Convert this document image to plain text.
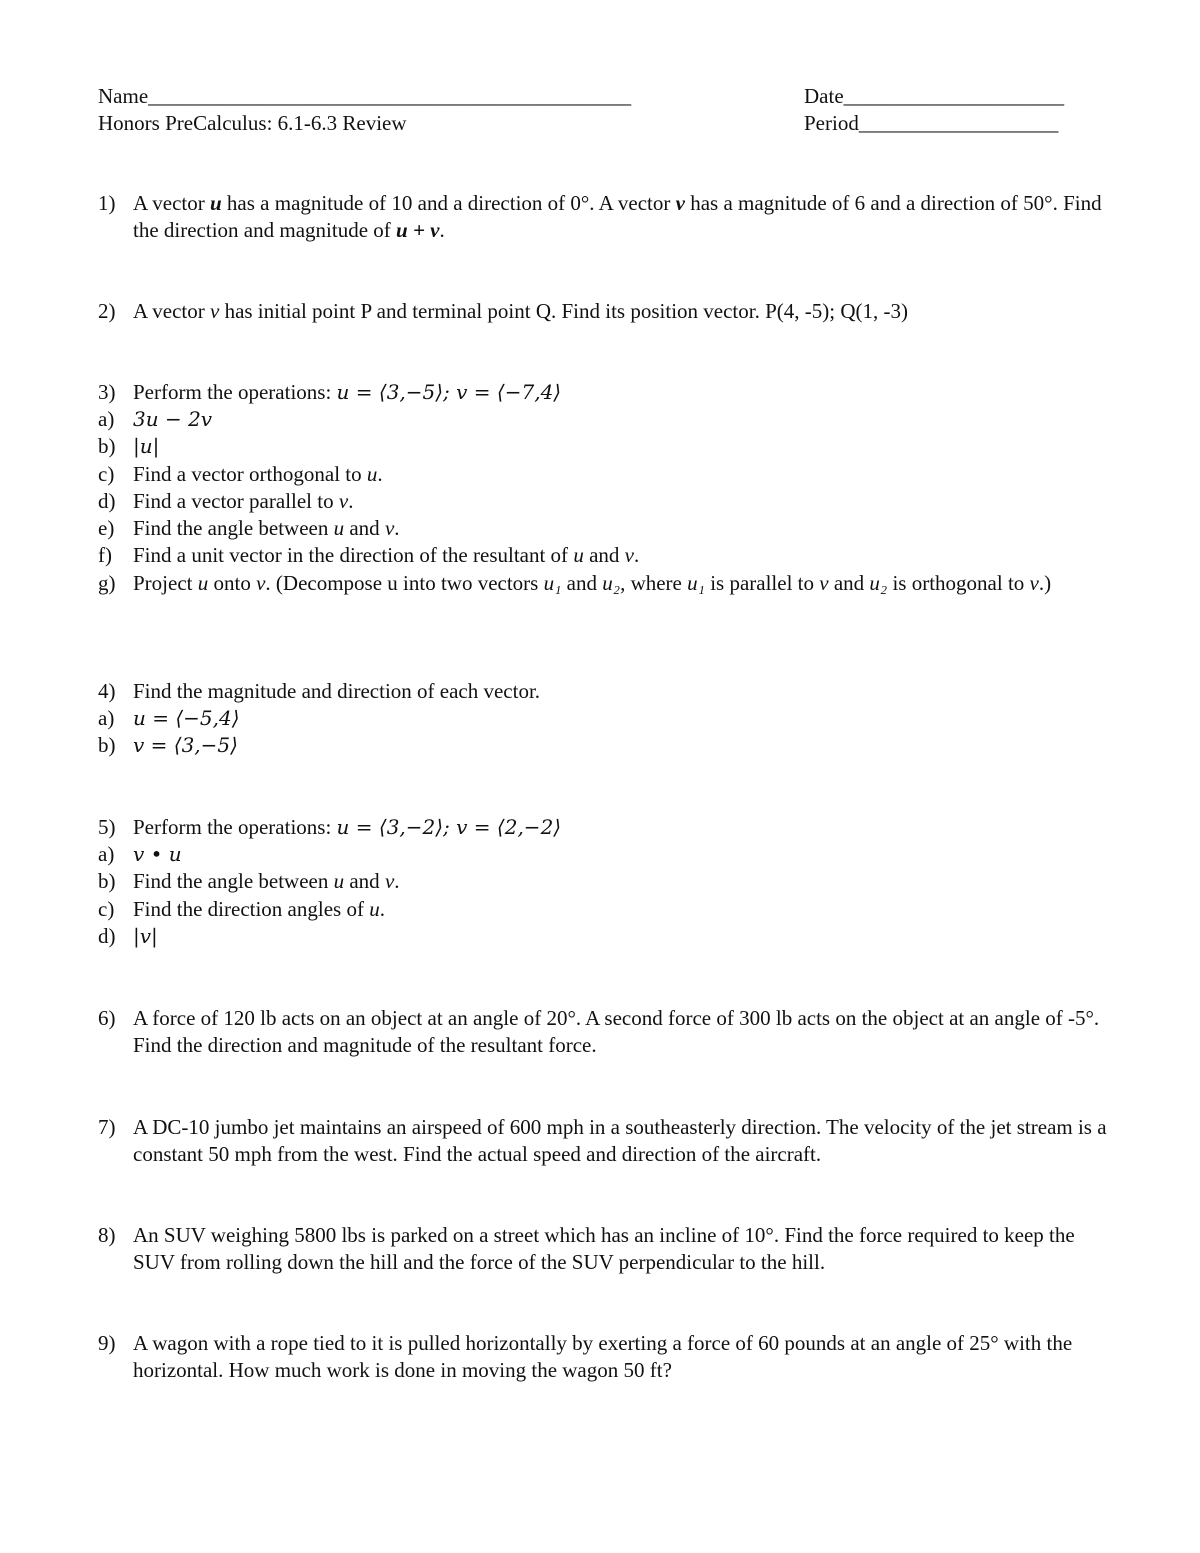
Name______________________________________________
Honors PreCalculus: 6.1-6.3 Review
Date_____________________
Period___________________
1) A vector u has a magnitude of 10 and a direction of 0°. A vector v has a magnitude of 6 and a direction of 50°. Find the direction and magnitude of u + v.
2) A vector v has initial point P and terminal point Q. Find its position vector. P(4, -5); Q(1, -3)
3) Perform the operations: u = ⟨3,−5⟩; v = ⟨−7,4⟩
a) 3u − 2v
b) |u|
c) Find a vector orthogonal to u.
d) Find a vector parallel to v.
e) Find the angle between u and v.
f)	Find a unit vector in the direction of the resultant of u and v.
g) Project u onto v. (Decompose u into two vectors u₁ and u₂, where u₁ is parallel to v and u₂ is orthogonal to v.)
4) Find the magnitude and direction of each vector.
a) u = ⟨−5,4⟩
b) v = ⟨3,−5⟩
5) Perform the operations: u = ⟨3,−2⟩; v = ⟨2,−2⟩
a) v • u
b) Find the angle between u and v.
c) Find the direction angles of u.
d) |v|
6) A force of 120 lb acts on an object at an angle of 20°. A second force of 300 lb acts on the object at an angle of -5°. Find the direction and magnitude of the resultant force.
7) A DC-10 jumbo jet maintains an airspeed of 600 mph in a southeasterly direction. The velocity of the jet stream is a constant 50 mph from the west. Find the actual speed and direction of the aircraft.
8) An SUV weighing 5800 lbs is parked on a street which has an incline of 10°. Find the force required to keep the SUV from rolling down the hill and the force of the SUV perpendicular to the hill.
9) A wagon with a rope tied to it is pulled horizontally by exerting a force of 60 pounds at an angle of 25° with the horizontal. How much work is done in moving the wagon 50 ft?
